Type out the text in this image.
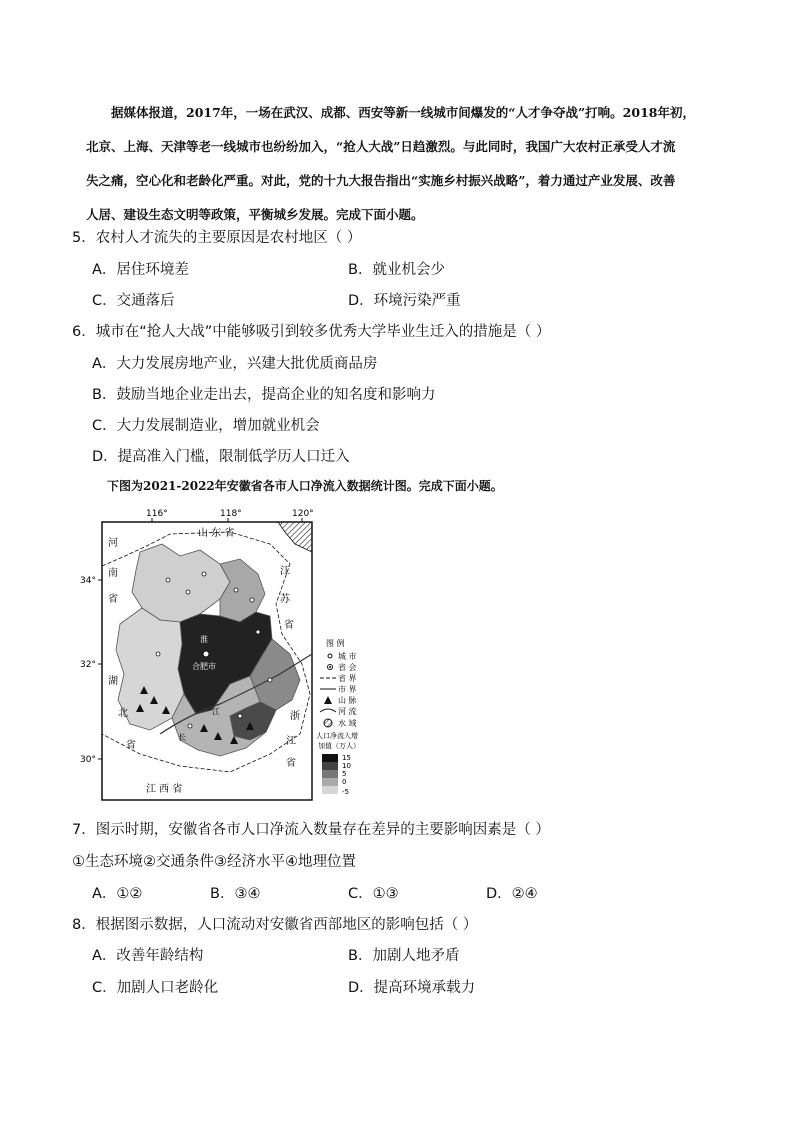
据媒体报道，2017年，一场在武汉、成都、西安等新一线城市间爆发的“人才争夺战”打响。2018年初，

北京、上海、天津等老一线城市也纷纷加入，“抢人大战”日趋激烈。与此同时，我国广大农村正承受人才流

失之痛，空心化和老龄化严重。对此，党的十九大报告指出“实施乡村振兴战略”，着力通过产业发展、改善

人居、建设生态文明等政策，平衡城乡发展。完成下面小题。

5．农村人才流失的主要原因是农村地区（ ）
A．居住环境差	B．就业机会少
C．交通落后	D．环境污染严重
6．城市在“抢人大战”中能够吸引到较多优秀大学毕业生迁入的措施是（ ）
A．大力发展房地产业，兴建大批优质商品房
B．鼓励当地企业走出去，提高企业的知名度和影响力
C．大力发展制造业，增加就业机会
D．提高准入门槛，限制低学历人口迁入
下图为2021-2022年安徽省各市人口净流入数据统计图。完成下面小题。
116°	118°	120°
34°
32°
30°
合肥市
淮
长
江
山 东 省
河
南
省
江
苏
省
湖
北
省
浙
江
省
江 西 省
图 例
城 市
省 会
省 界
市 界
山 脉
河 流
水 域
人口净流入增
加值（万人）
15
10
5
0
-5
7．图示时期，安徽省各市人口净流入数量存在差异的主要影响因素是（ ）
①生态环境②交通条件③经济水平④地理位置
A．①②	B．③④	C．①③	D．②④
8．根据图示数据，人口流动对安徽省西部地区的影响包括（ ）
A．改善年龄结构	B．加剧人地矛盾
C．加剧人口老龄化	D．提高环境承载力
